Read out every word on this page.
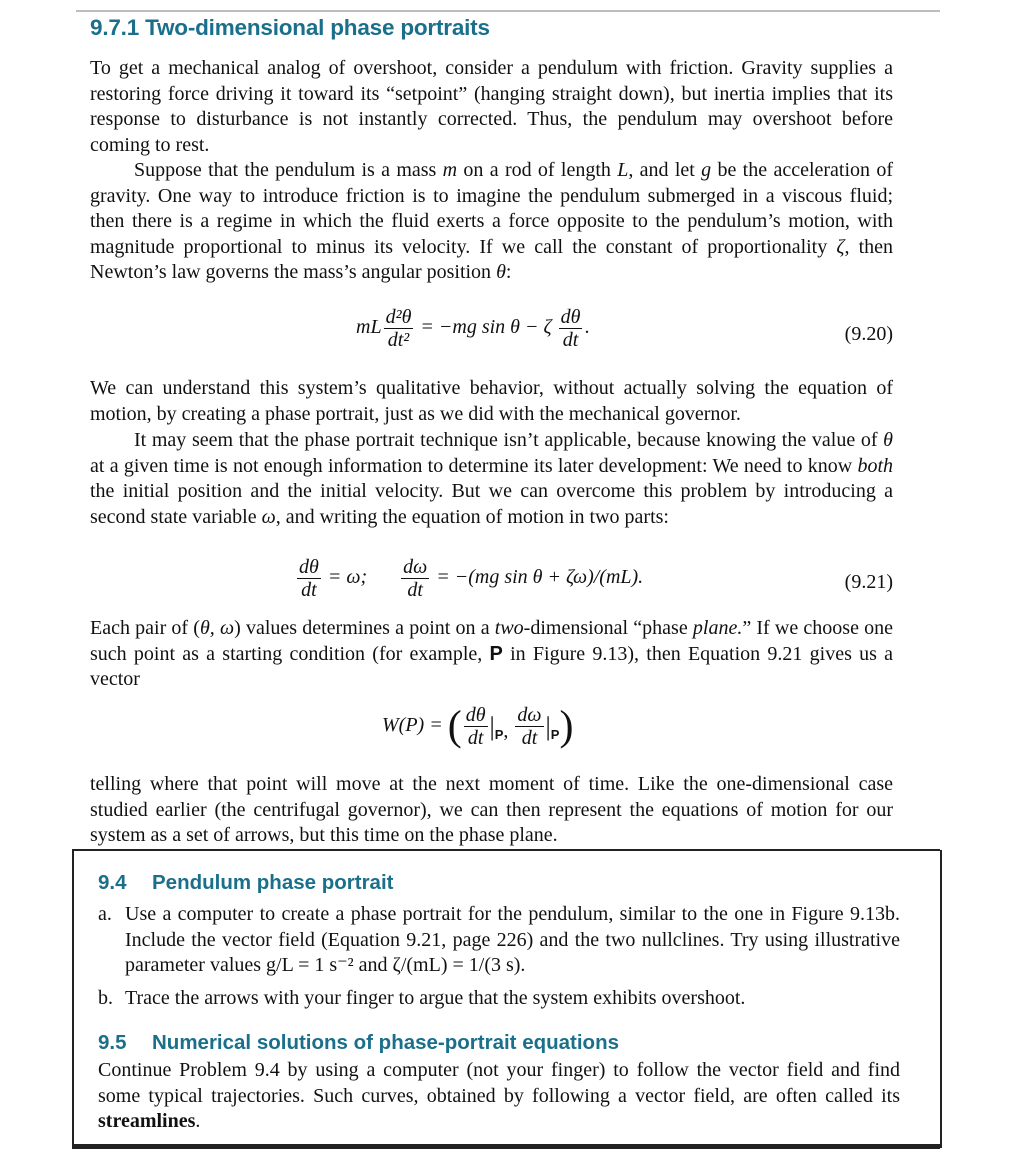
9.7.1 Two-dimensional phase portraits

To get a mechanical analog of overshoot, consider a pendulum with friction. Gravity supplies a restoring force driving it toward its “setpoint” (hanging straight down), but inertia implies that its response to disturbance is not instantly corrected. Thus, the pendulum may overshoot before coming to rest.

Suppose that the pendulum is a mass m on a rod of length L, and let g be the acceleration of gravity. One way to introduce friction is to imagine the pendulum submerged in a viscous fluid; then there is a regime in which the fluid exerts a force opposite to the pendulum’s motion, with magnitude proportional to minus its velocity. If we call the constant of proportionality ζ, then Newton’s law governs the mass’s angular position θ:

mL $\frac{\text{d²θ}}{\text{dt²}} = -mg$ sin θ − ζ $\frac{d\theta}{dt}$ .	(9.20)

We can understand this system’s qualitative behavior, without actually solving the equation of motion, by creating a phase portrait, just as we did with the mechanical governor.

It may seem that the phase portrait technique isn’t applicable, because knowing the value of θ at a given time is not enough information to determine its later development: We need to know both the initial position and the initial velocity. But we can overcome this problem by introducing a second state variable ω, and writing the equation of motion in two parts:

$\frac{d\theta}{dt} = \omega$; $\frac{d\omega}{dt} = -(mg$ sin θ + ζω)/(mL).	(9.21)

Each pair of (θ, ω) values determines a point on a two-dimensional “phase plane.” If we choose one such point as a starting condition (for example, P in Figure 9.13), then Equation 9.21 gives us a vector

W(P) = ( $\frac{d\theta}{dt} |_P$, $\frac{d\omega}{dt} |_P$)

telling where that point will move at the next moment of time. Like the one-dimensional case studied earlier (the centrifugal governor), we can then represent the equations of motion for our system as a set of arrows, but this time on the phase plane.

9.4 Pendulum phase portrait
a. Use a computer to create a phase portrait for the pendulum, similar to the one in Figure 9.13b. Include the vector field (Equation 9.21, page 226) and the two nullclines. Try using illustrative parameter values g/L = 1 s⁻² and ζ/(mL) = 1/(3 s).
b. Trace the arrows with your finger to argue that the system exhibits overshoot.
9.5 Numerical solutions of phase-portrait equations

Continue Problem 9.4 by using a computer (not your finger) to follow the vector field and find some typical trajectories. Such curves, obtained by following a vector field, are often called its streamlines.
